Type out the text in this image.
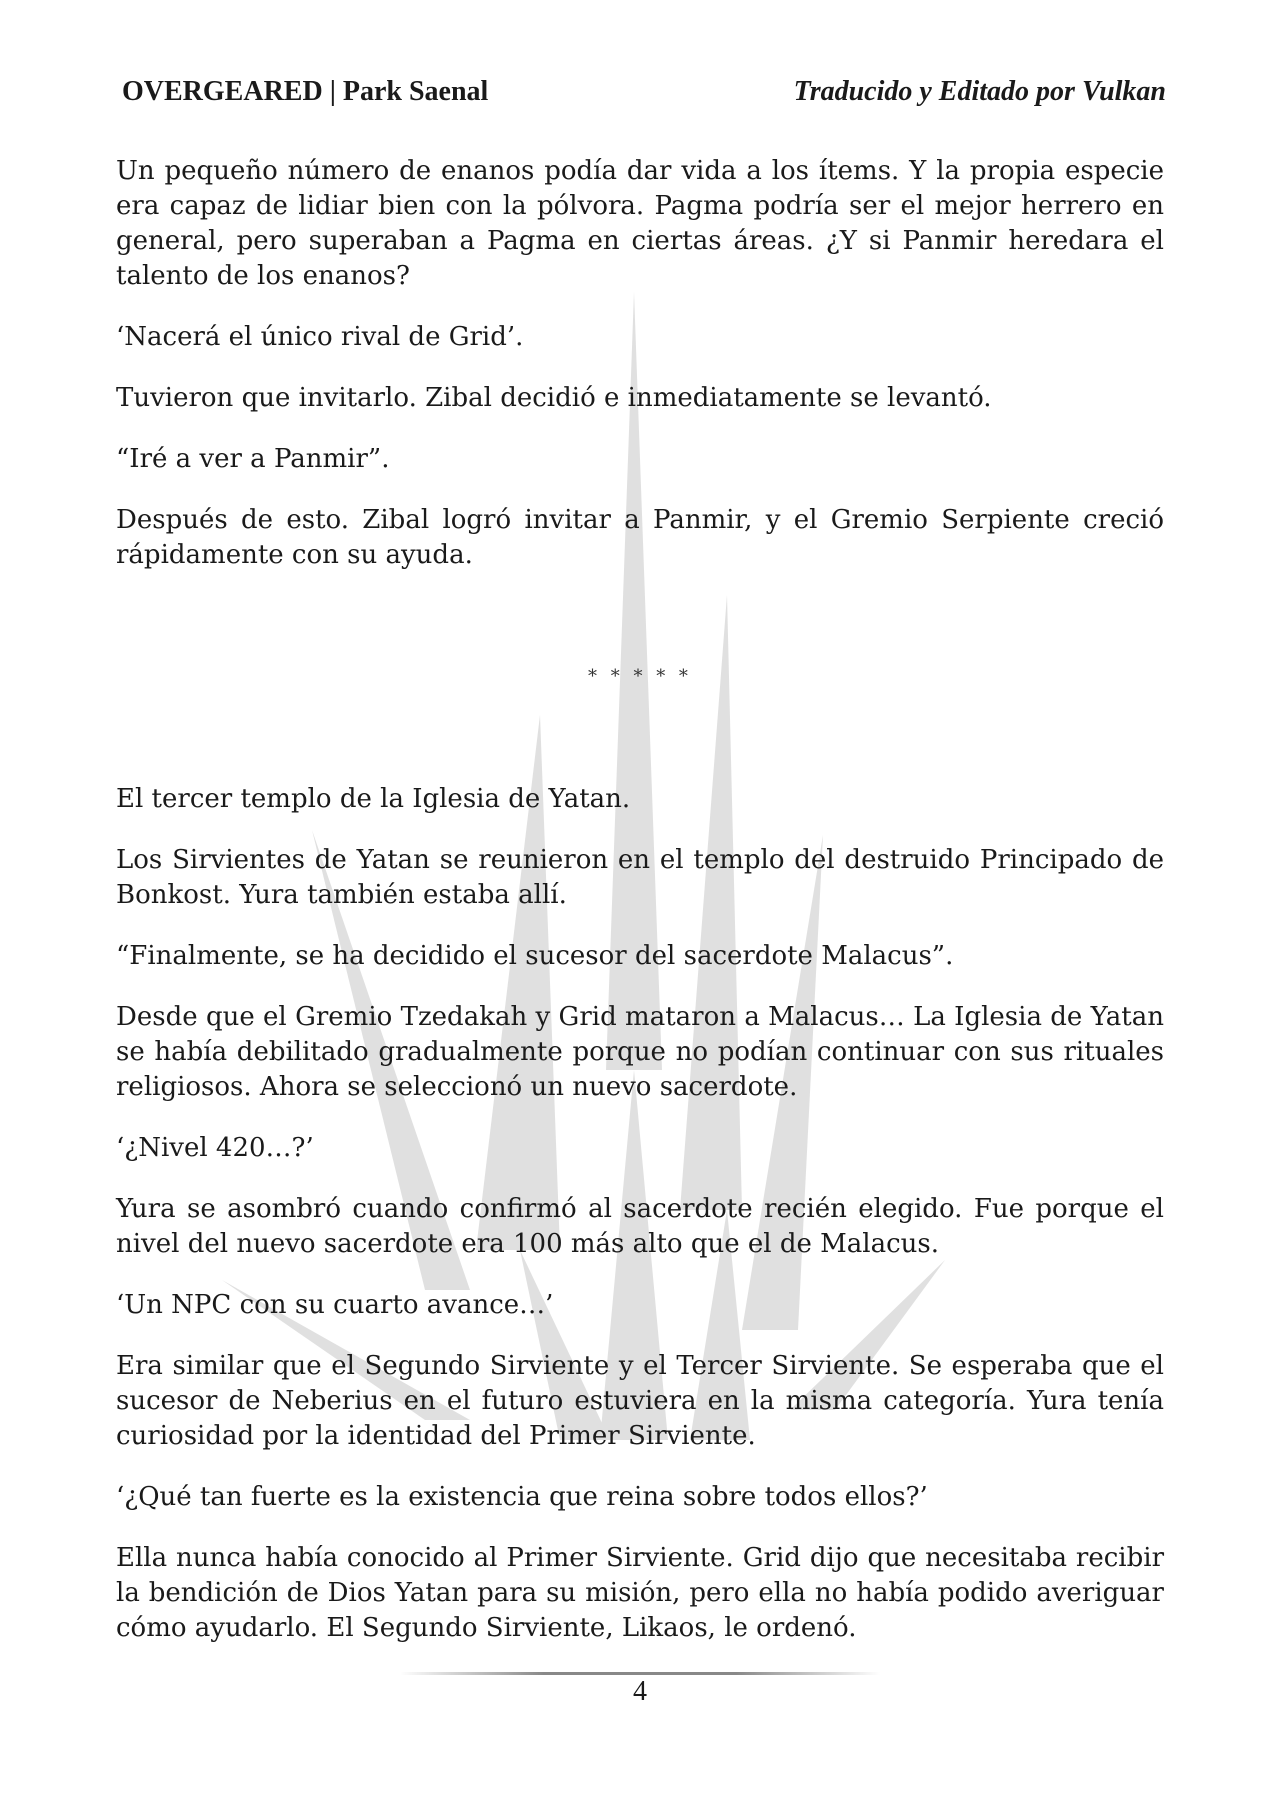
OVERGEARED | Park Saenal	Traducido y Editado por Vulkan

Un pequeño número de enanos podía dar vida a los ítems. Y la propia especie era capaz de lidiar bien con la pólvora. Pagma podría ser el mejor herrero en general, pero superaban a Pagma en ciertas áreas. ¿Y si Panmir heredara el talento de los enanos?

‘Nacerá el único rival de Grid’.

Tuvieron que invitarlo. Zibal decidió e inmediatamente se levantó.

“Iré a ver a Panmir”.

Después de esto. Zibal logró invitar a Panmir, y el Gremio Serpiente creció rápidamente con su ayuda.

* * * * *

El tercer templo de la Iglesia de Yatan.

Los Sirvientes de Yatan se reunieron en el templo del destruido Principado de Bonkost. Yura también estaba allí.

“Finalmente, se ha decidido el sucesor del sacerdote Malacus”.

Desde que el Gremio Tzedakah y Grid mataron a Malacus… La Iglesia de Yatan se había debilitado gradualmente porque no podían continuar con sus rituales religiosos. Ahora se seleccionó un nuevo sacerdote.

‘¿Nivel 420…?’

Yura se asombró cuando confirmó al sacerdote recién elegido. Fue porque el nivel del nuevo sacerdote era 100 más alto que el de Malacus.

‘Un NPC con su cuarto avance…’

Era similar que el Segundo Sirviente y el Tercer Sirviente. Se esperaba que el sucesor de Neberius en el futuro estuviera en la misma categoría. Yura tenía curiosidad por la identidad del Primer Sirviente.

‘¿Qué tan fuerte es la existencia que reina sobre todos ellos?’

Ella nunca había conocido al Primer Sirviente. Grid dijo que necesitaba recibir la bendición de Dios Yatan para su misión, pero ella no había podido averiguar cómo ayudarlo. El Segundo Sirviente, Likaos, le ordenó.

4
